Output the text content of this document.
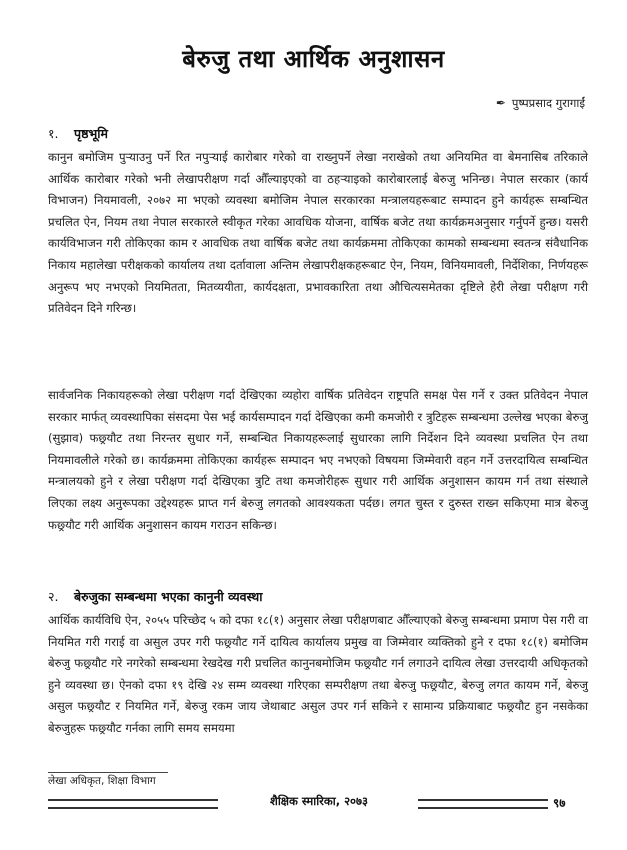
बेरुजु तथा आर्थिक अनुशासन
✒ पुष्पप्रसाद गुरागाईं
१. पृष्ठभूमि

कानुन बमोजिम पुऱ्याउनु पर्ने रित नपुऱ्याई कारोबार गरेको वा राख्नुपर्ने लेखा नराखेको तथा अनियमित वा बेमनासिब तरिकाले आर्थिक कारोबार गरेको भनी लेखापरीक्षण गर्दा औँल्याइएको वा ठहऱ्याइको कारोबारलाई बेरुजु भनिन्छ। नेपाल सरकार (कार्य विभाजन) नियमावली, २०७२ मा भएको व्यवस्था बमोजिम नेपाल सरकारका मन्त्रालयहरूबाट सम्पादन हुने कार्यहरू सम्बन्धित प्रचलित ऐन, नियम तथा नेपाल सरकारले स्वीकृत गरेका आवधिक योजना, वार्षिक बजेट तथा कार्यक्रमअनुसार गर्नुपर्ने हुन्छ। यसरी कार्यविभाजन गरी तोकिएका काम र आवधिक तथा वार्षिक बजेट तथा कार्यक्रममा तोकिएका कामको सम्बन्धमा स्वतन्त्र संवैधानिक निकाय महालेखा परीक्षकको कार्यालय तथा दर्तावाला अन्तिम लेखापरीक्षकहरूबाट ऐन, नियम, विनियमावली, निर्देशिका, निर्णयहरू अनुरूप भए नभएको नियमितता, मितव्ययीता, कार्यदक्षता, प्रभावकारिता तथा औचित्यसमेतका दृष्टिले हेरी लेखा परीक्षण गरी प्रतिवेदन दिने गरिन्छ।

सार्वजनिक निकायहरूको लेखा परीक्षण गर्दा देखिएका व्यहोरा वार्षिक प्रतिवेदन राष्ट्रपति समक्ष पेस गर्ने र उक्त प्रतिवेदन नेपाल सरकार मार्फत् व्यवस्थापिका संसदमा पेस भई कार्यसम्पादन गर्दा देखिएका कमी कमजोरी र त्रुटिहरू सम्बन्धमा उल्लेख भएका बेरुजु (सुझाव) फछ्र्यौट तथा निरन्तर सुधार गर्ने, सम्बन्धित निकायहरूलाई सुधारका लागि निर्देशन दिने व्यवस्था प्रचलित ऐन तथा नियमावलीले गरेको छ। कार्यक्रममा तोकिएका कार्यहरू सम्पादन भए नभएको विषयमा जिम्मेवारी वहन गर्ने उत्तरदायित्व सम्बन्धित मन्त्रालयको हुने र लेखा परीक्षण गर्दा देखिएका त्रुटि तथा कमजोरीहरू सुधार गरी आर्थिक अनुशासन कायम गर्न तथा संस्थाले लिएका लक्ष्य अनुरूपका उद्देश्यहरू प्राप्त गर्न बेरुजु लगतको आवश्यकता पर्दछ। लगत चुस्त र दुरुस्त राख्न सकिएमा मात्र बेरुजु फछ्र्यौट गरी आर्थिक अनुशासन कायम गराउन सकिन्छ।

२. बेरुजुका सम्बन्धमा भएका कानुनी व्यवस्था

आर्थिक कार्यविधि ऐन, २०५५ परिच्छेद ५ को दफा १८(१) अनुसार लेखा परीक्षणबाट औँल्याएको बेरुजु सम्बन्धमा प्रमाण पेस गरी वा नियमित गरी गराई वा असुल उपर गरी फछ्र्यौट गर्ने दायित्व कार्यालय प्रमुख वा जिम्मेवार व्यक्तिको हुने र दफा १८(१) बमोजिम बेरुजु फछ्र्यौट गरे नगरेको सम्बन्धमा रेखदेख गरी प्रचलित कानुनबमोजिम फछ्र्यौट गर्न लगाउने दायित्व लेखा उत्तरदायी अधिकृतको हुने व्यवस्था छ। ऐनको दफा १९ देखि २४ सम्म व्यवस्था गरिएका सम्परीक्षण तथा बेरुजु फछ्र्यौट, बेरुजु लगत कायम गर्ने, बेरुजु असुल फछ्र्यौट र नियमित गर्ने, बेरुजु रकम जाय जेथाबाट असुल उपर गर्न सकिने र सामान्य प्रक्रियाबाट फछ्र्यौट हुन नसकेका बेरुजुहरू फछ्र्यौट गर्नका लागि समय समयमा

लेखा अधिकृत, शिक्षा विभाग
शैक्षिक स्मारिका, २०७३	९७
